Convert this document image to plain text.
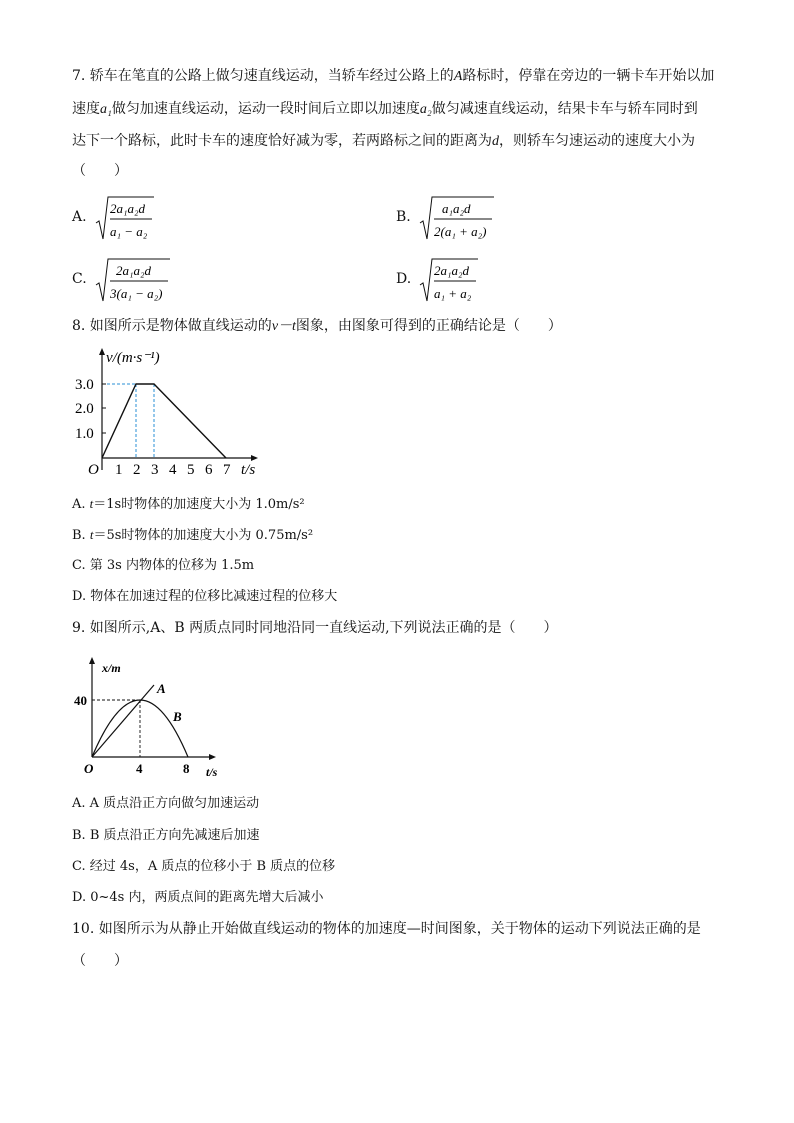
7. 轿车在笔直的公路上做匀速直线运动，当轿车经过公路上的A路标时，停靠在旁边的一辆卡车开始以加
速度a₁做匀加速直线运动，运动一段时间后立即以加速度a₂做匀减速直线运动，结果卡车与轿车同时到
达下一个路标，此时卡车的速度恰好减为零，若两路标之间的距离为d，则轿车匀速运动的速度大小为
（　　）
A.
2a₁a₂d
a₁ − a₂
B.
a₁a₂d
2(a₁ + a₂)
C.
2a₁a₂d
3(a₁ − a₂)
D.
2a₁a₂d
a₁ + a₂
8. 如图所示是物体做直线运动的v－t图象，由图象可得到的正确结论是（　　）
v/(m·s⁻¹)
1.0
2.0
3.0
O 1 2 3 4 5 6 7 t/s
A. t＝1s时物体的加速度大小为 1.0m/s²
B. t＝5s时物体的加速度大小为 0.75m/s²
C. 第 3s 内物体的位移为 1.5m
D. 物体在加速过程的位移比减速过程的位移大
9. 如图所示,A、B 两质点同时同地沿同一直线运动,下列说法正确的是（　　）
x/m
40
O	4	8 t/s
A
B
A. A 质点沿正方向做匀加速运动
B. B 质点沿正方向先减速后加速
C. 经过 4s，A 质点的位移小于 B 质点的位移
D. 0~4s 内，两质点间的距离先增大后减小
10. 如图所示为从静止开始做直线运动的物体的加速度—时间图象，关于物体的运动下列说法正确的是
（　　）
